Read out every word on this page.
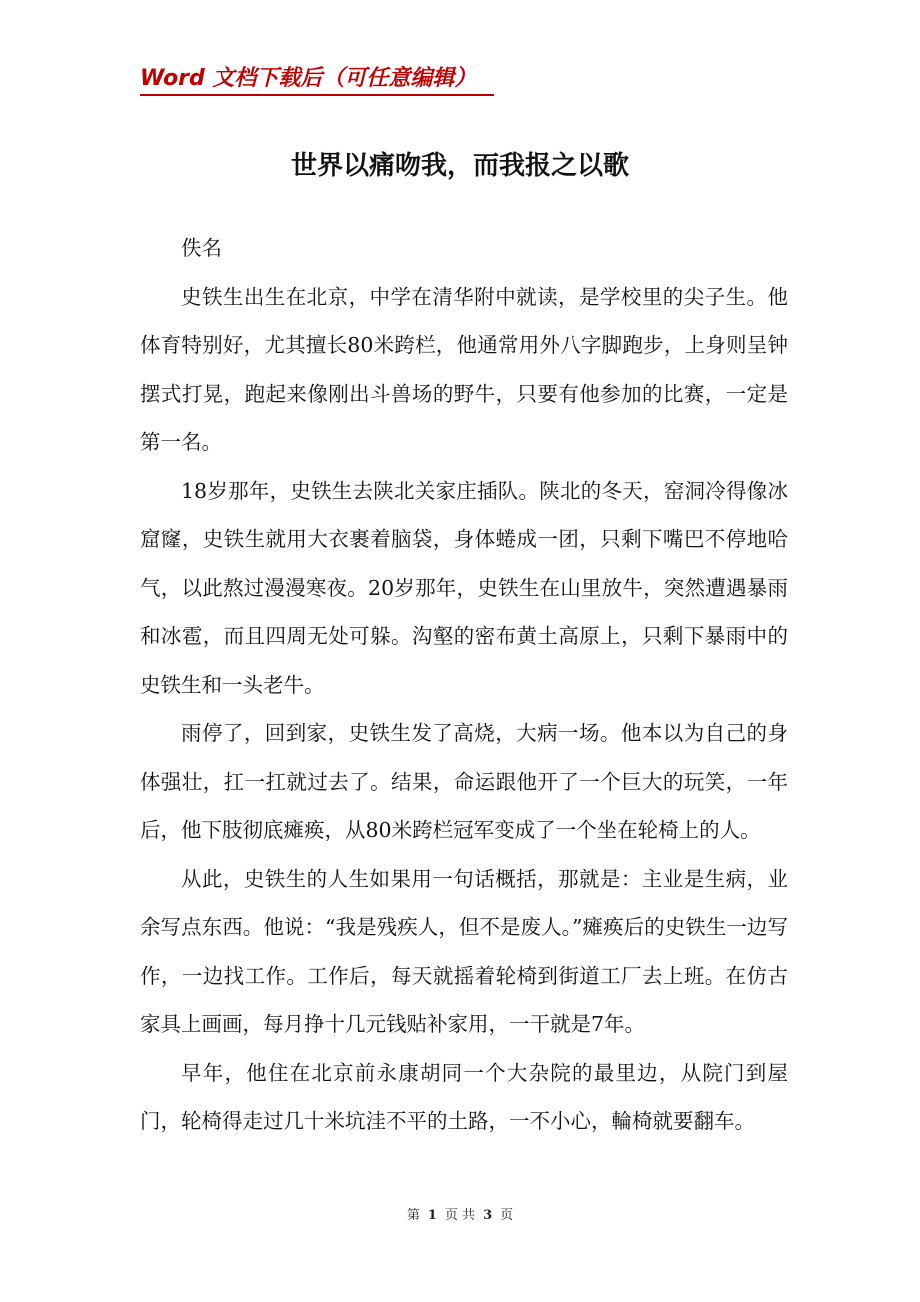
Word 文档下载后（可任意编辑）
世界以痛吻我，而我报之以歌

佚名

史铁生出生在北京，中学在清华附中就读，是学校里的尖子生。他体育特别好，尤其擅长80米跨栏，他通常用外八字脚跑步，上身则呈钟摆式打晃，跑起来像刚出斗兽场的野牛，只要有他参加的比赛，一定是第一名。

18岁那年，史铁生去陕北关家庄插队。陕北的冬天，窑洞冷得像冰窟窿，史铁生就用大衣裹着脑袋，身体蜷成一团，只剩下嘴巴不停地哈气，以此熬过漫漫寒夜。20岁那年，史铁生在山里放牛，突然遭遇暴雨和冰雹，而且四周无处可躲。沟壑的密布黄土高原上，只剩下暴雨中的史铁生和一头老牛。

雨停了，回到家，史铁生发了高烧，大病一场。他本以为自己的身体强壮，扛一扛就过去了。结果，命运跟他开了一个巨大的玩笑，一年后，他下肢彻底瘫痪，从80米跨栏冠军变成了一个坐在轮椅上的人。

从此，史铁生的人生如果用一句话概括，那就是：主业是生病，业余写点东西。他说：“我是残疾人，但不是废人。”瘫痪后的史铁生一边写作，一边找工作。工作后，每天就摇着轮椅到街道工厂去上班。在仿古家具上画画，每月挣十几元钱贴补家用，一干就是7年。

早年，他住在北京前永康胡同一个大杂院的最里边，从院门到屋门，轮椅得走过几十米坑洼不平的土路，一不小心，輪椅就要翻车。

第 1 页 共 3 页
